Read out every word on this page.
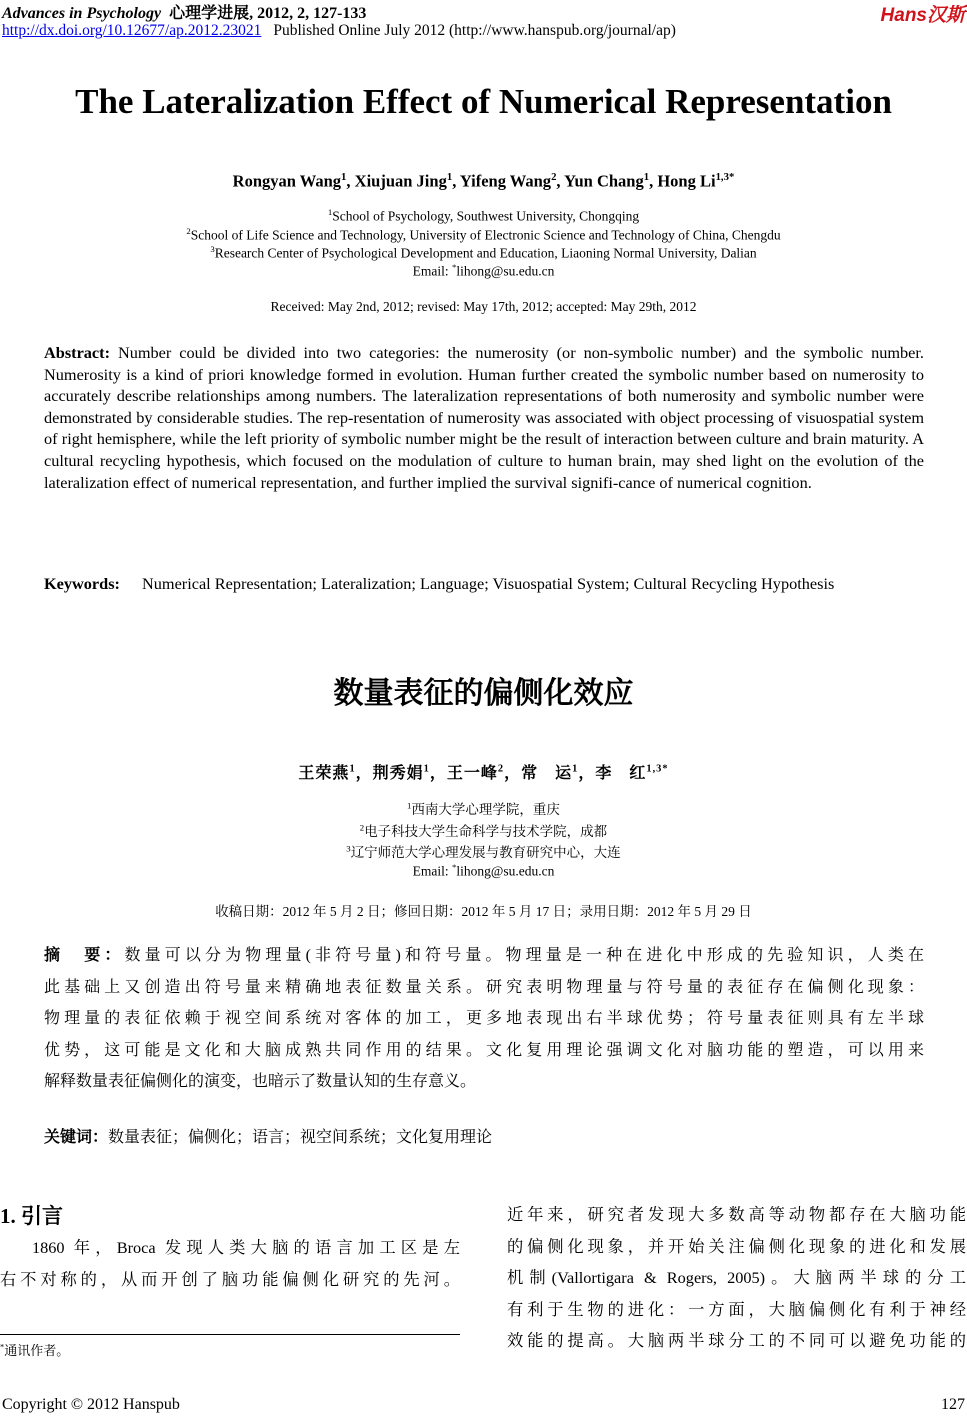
Advances in Psychology 心理学进展, 2012, 2, 127-133
http://dx.doi.org/10.12677/ap.2012.23021 Published Online July 2012 (http://www.hanspub.org/journal/ap)
Hans汉斯
The Lateralization Effect of Numerical Representation
Rongyan Wang$^1$, Xiujuan Jing$^1$, Yifeng Wang$^2$, Yun Chang$^1$, Hong $Li^{1,3*}$
$^1$School of Psychology, Southwest University, Chongqing
$^2$School of Life Science and Technology, University of Electronic Science and Technology of China, Chengdu
$^3$Research Center of Psychological Development and Education, Liaoning Normal University, Dalian
Email: *lihong@su.edu.cn
Received: May 2nd, 2012; revised: May 17th, 2012; accepted: May 29th, 2012
Abstract: Number could be divided into two categories: the numerosity (or non-symbolic number) and the symbolic number. Numerosity is a kind of priori knowledge formed in evolution. Human further created the symbolic number based on numerosity to accurately describe relationships among numbers. The lateralization representations of both numerosity and symbolic number were demonstrated by considerable studies. The rep-resentation of numerosity was associated with object processing of visuospatial system of right hemisphere, while the left priority of symbolic number might be the result of interaction between culture and brain maturity. A cultural recycling hypothesis, which focused on the modulation of culture to human brain, may shed light on the evolution of the lateralization effect of numerical representation, and further implied the survival signifi-cance of numerical cognition.
Keywords: Numerical Representation; Lateralization; Language; Visuospatial System; Cultural Recycling Hypothesis
数量表征的偏侧化效应
王荣燕$^1$，荆秀娟$^1$，王一峰$^2$，常　运$^1$，李　红$^{1,3*}$
$^1$西南大学心理学院，重庆
$^2$电子科技大学生命科学与技术学院，成都
$^3$辽宁师范大学心理发展与教育研究中心，大连
Email: *lihong@su.edu.cn
收稿日期：2012 年 5 月 2 日；修回日期：2012 年 5 月 17 日；录用日期：2012 年 5 月 29 日
摘　要：数量可以分为物理量(非符号量)和符号量。物理量是一种在进化中形成的先验知识，人类在
此基础上又创造出符号量来精确地表征数量关系。研究表明物理量与符号量的表征存在偏侧化现象：
物理量的表征依赖于视空间系统对客体的加工，更多地表现出右半球优势；符号量表征则具有左半球
优势，这可能是文化和大脑成熟共同作用的结果。文化复用理论强调文化对脑功能的塑造，可以用来
解释数量表征偏侧化的演变，也暗示了数量认知的生存意义。
关键词：数量表征；偏侧化；语言；视空间系统；文化复用理论
1. 引言
1860 年，Broca 发现人类大脑的语言加工区是左
右不对称的，从而开创了脑功能偏侧化研究的先河。
*通讯作者。
近年来，研究者发现大多数高等动物都存在大脑功能
的偏侧化现象，并开始关注偏侧化现象的进化和发展
机制(Vallortigara & Rogers, 2005)。大脑两半球的分工
有利于生物的进化：一方面，大脑偏侧化有利于神经
效能的提高。大脑两半球分工的不同可以避免功能的
Copyright © 2012 Hanspub	127
